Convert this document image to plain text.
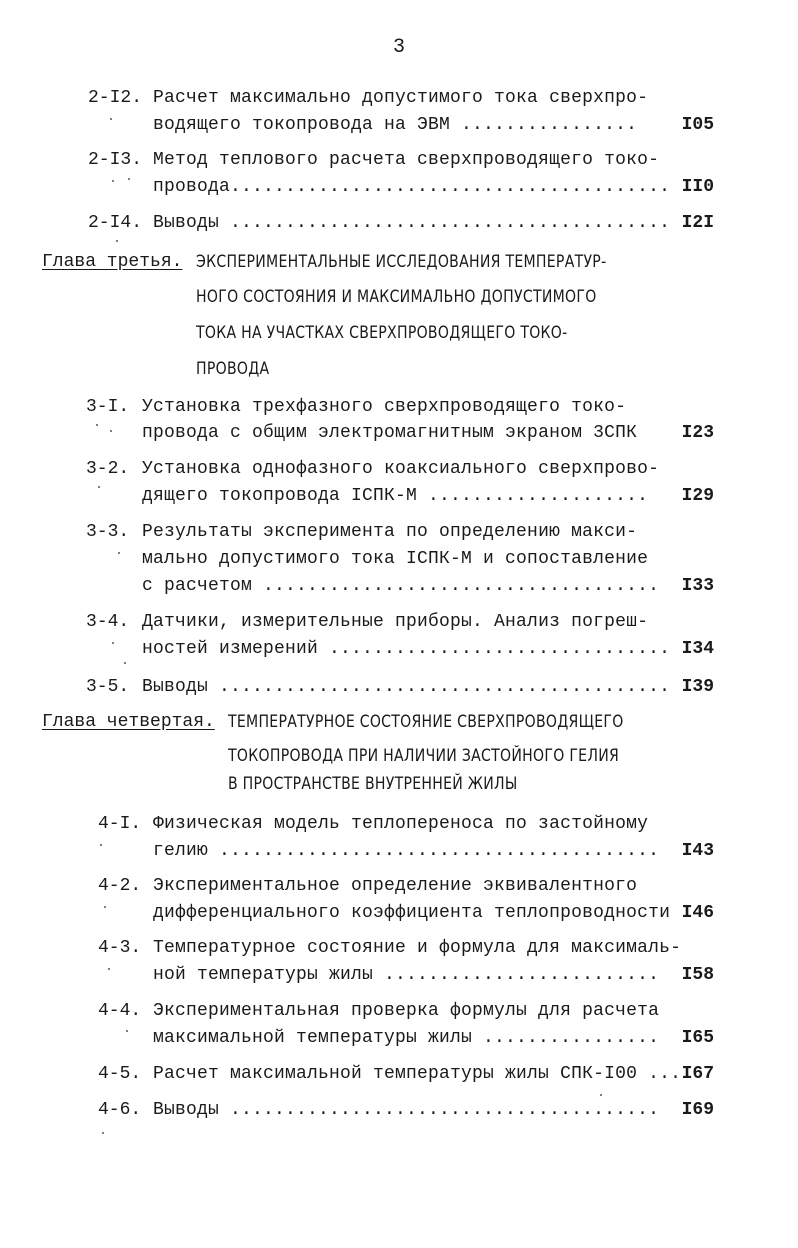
3
2-I2. Расчет максимально допустимого тока сверхпро-
водящего токопровода на ЭВМ ................ I05
2-I3. Метод теплового расчета сверхпроводящего токо-
провода........................................ II0
2-I4. Выводы ........................................ I2I
Глава третья. ЭКСПЕРИМЕНТАЛЬНЫЕ ИССЛЕДОВАНИЯ ТЕМПЕРАТУР-
НОГО СОСТОЯНИЯ И МАКСИМАЛЬНО ДОПУСТИМОГО
ТОКА НА УЧАСТКАХ СВЕРХПРОВОДЯЩЕГО ТОКО-
ПРОВОДА
3-I. Установка трехфазного сверхпроводящего токо-
провода с общим электромагнитным экраном 3СПК I23
3-2. Установка однофазного коаксиального сверхпрово-
дящего токопровода IСПК-М .................... I29
3-3. Результаты эксперимента по определению макси-
мально допустимого тока IСПК-М и сопоставление
с расчетом .................................... I33
3-4. Датчики, измерительные приборы. Анализ погреш-
ностей измерений ............................... I34
3-5. Выводы ......................................... I39
Глава четвертая. ТЕМПЕРАТУРНОЕ СОСТОЯНИЕ СВЕРХПРОВОДЯЩЕГО
ТОКОПРОВОДА ПРИ НАЛИЧИИ ЗАСТОЙНОГО ГЕЛИЯ
В ПРОСТРАНСТВЕ ВНУТРЕННЕЙ ЖИЛЫ
4-I. Физическая модель теплопереноса по застойному
гелию ........................................ I43
4-2. Экспериментальное определение эквивалентного
дифференциального коэффициента теплопроводности I46
4-3. Температурное состояние и формула для максималь-
ной температуры жилы ......................... I58
4-4. Экспериментальная проверка формулы для расчета
максимальной температуры жилы ................ I65
4-5. Расчет максимальной температуры жилы СПК-I00 ... I67
4-6. Выводы ....................................... I69
